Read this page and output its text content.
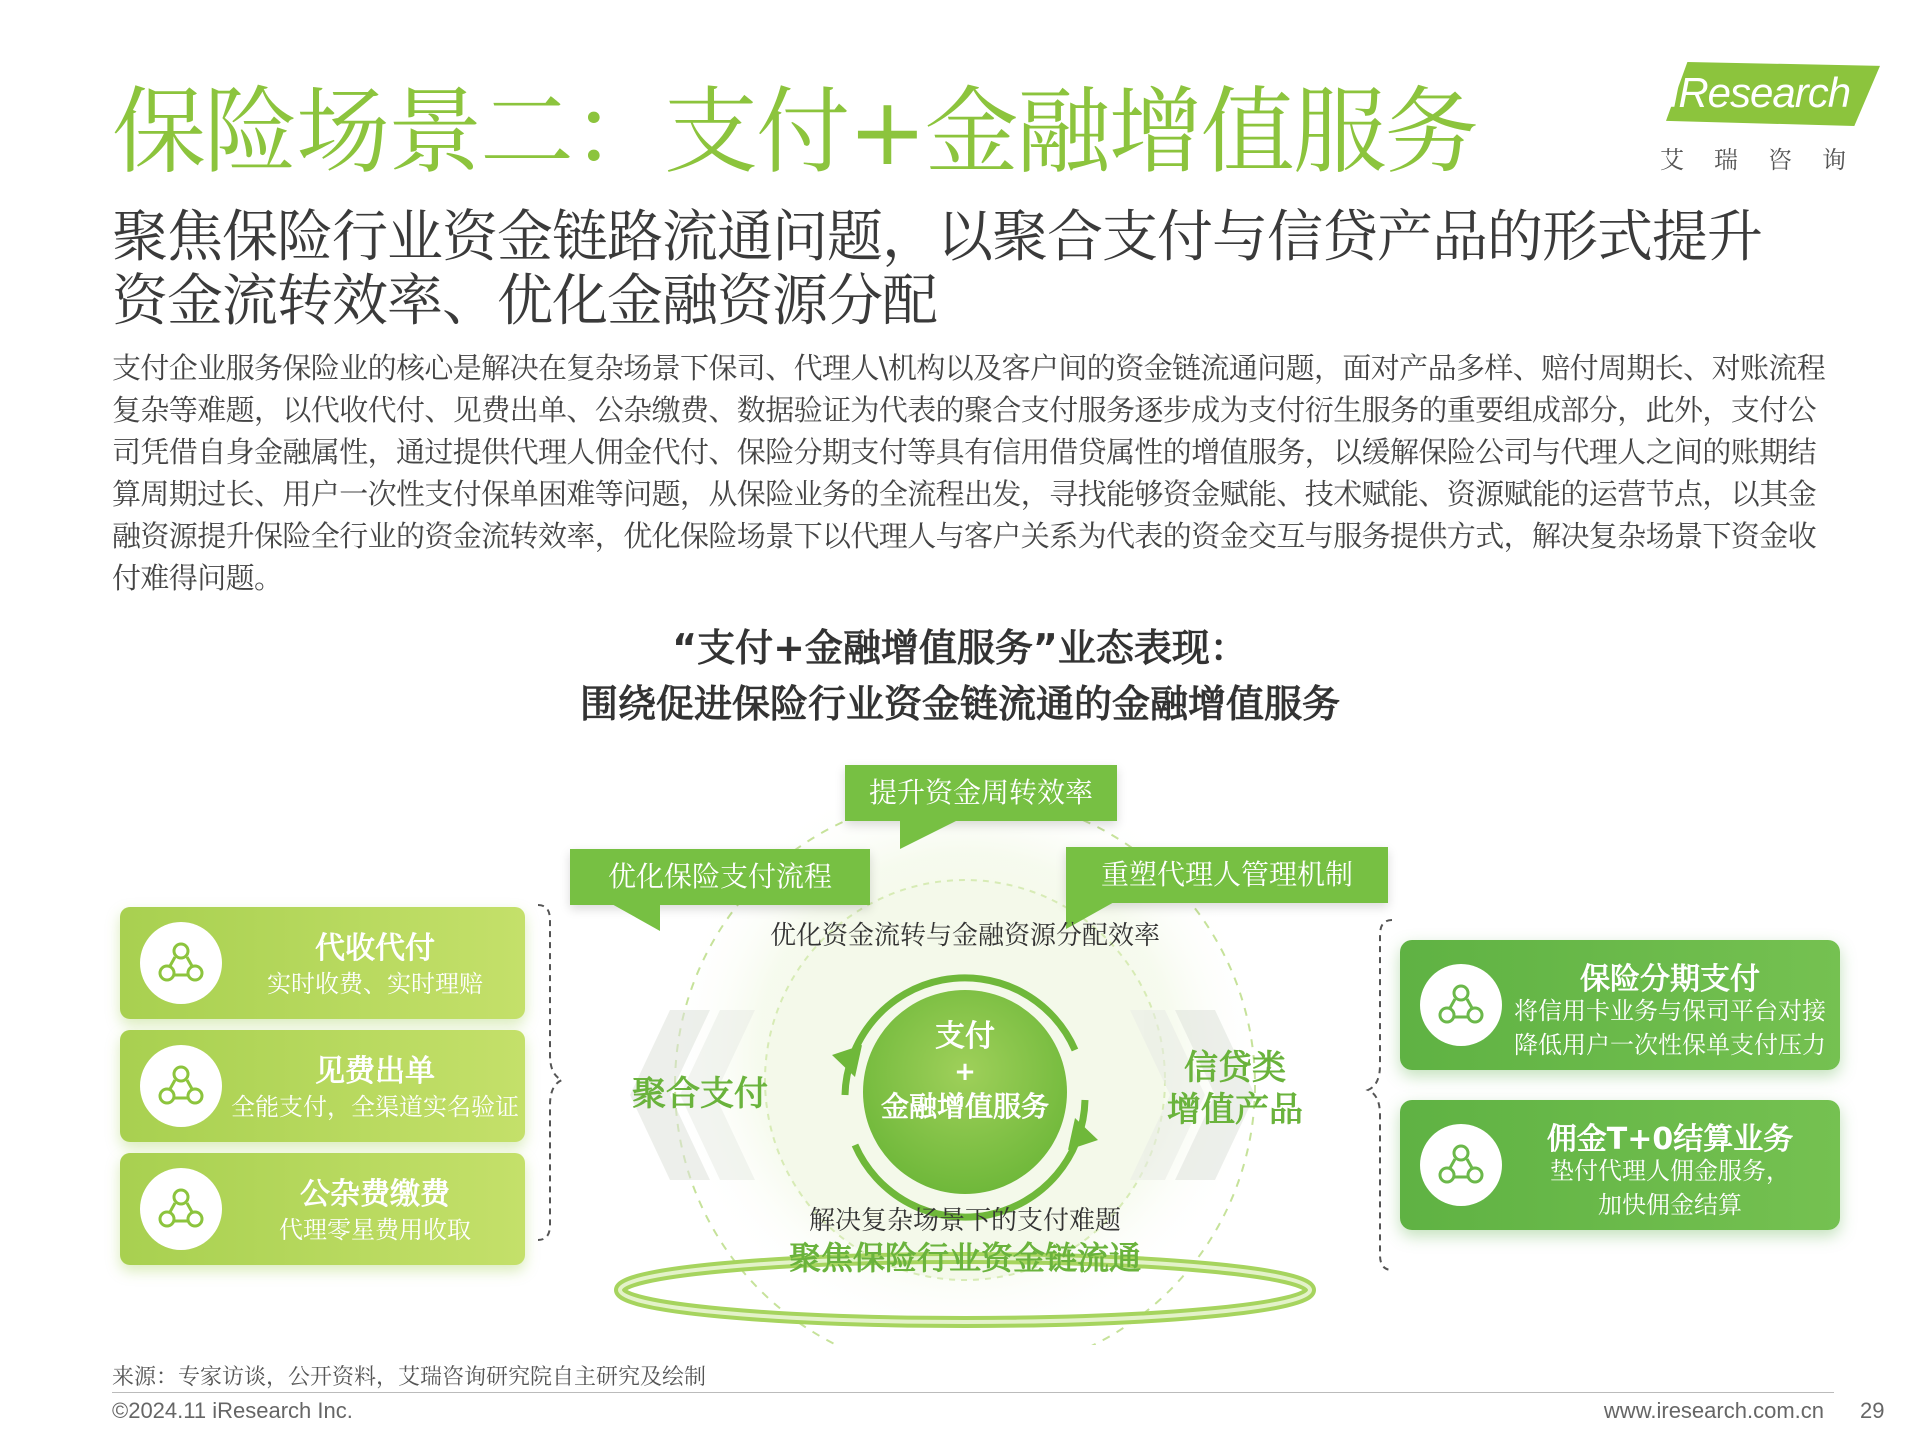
保险场景二：支付+金融增值服务	iResearch
艾瑞咨询
聚焦保险行业资金链路流通问题，以聚合支付与信贷产品的形式提升资金流转效率、优化金融资源分配
支付企业服务保险业的核心是解决在复杂场景下保司、代理人\机构以及客户间的资金链流通问题，面对产品多样、赔付周期长、对账流程复杂等难题，以代收代付、见费出单、公杂缴费、数据验证为代表的聚合支付服务逐步成为支付衍生服务的重要组成部分，此外，支付公司凭借自身金融属性，通过提供代理人佣金代付、保险分期支付等具有信用借贷属性的增值服务，以缓解保险公司与代理人之间的账期结算周期过长、用户一次性支付保单困难等问题，从保险业务的全流程出发，寻找能够资金赋能、技术赋能、资源赋能的运营节点，以其金融资源提升保险全行业的资金流转效率，优化保险场景下以代理人与客户关系为代表的资金交互与服务提供方式，解决复杂场景下资金收付难得问题。
“支付+金融增值服务”业态表现：
围绕促进保险行业资金链流通的金融增值服务
提升资金周转效率
优化保险支付流程	重塑代理人管理机制
优化资金流转与金融资源分配效率
支付
+
金融增值服务
聚合支付
信贷类
增值产品
解决复杂场景下的支付难题
聚焦保险行业资金链流通
代收代付
实时收费、实时理赔
见费出单
全能支付，全渠道实名验证
公杂费缴费
代理零星费用收取
保险分期支付
将信用卡业务与保司平台对接
降低用户一次性保单支付压力
佣金T+0结算业务
垫付代理人佣金服务，
加快佣金结算
来源：专家访谈，公开资料，艾瑞咨询研究院自主研究及绘制
©2024.11 iResearch Inc.	www.iresearch.com.cn 29
